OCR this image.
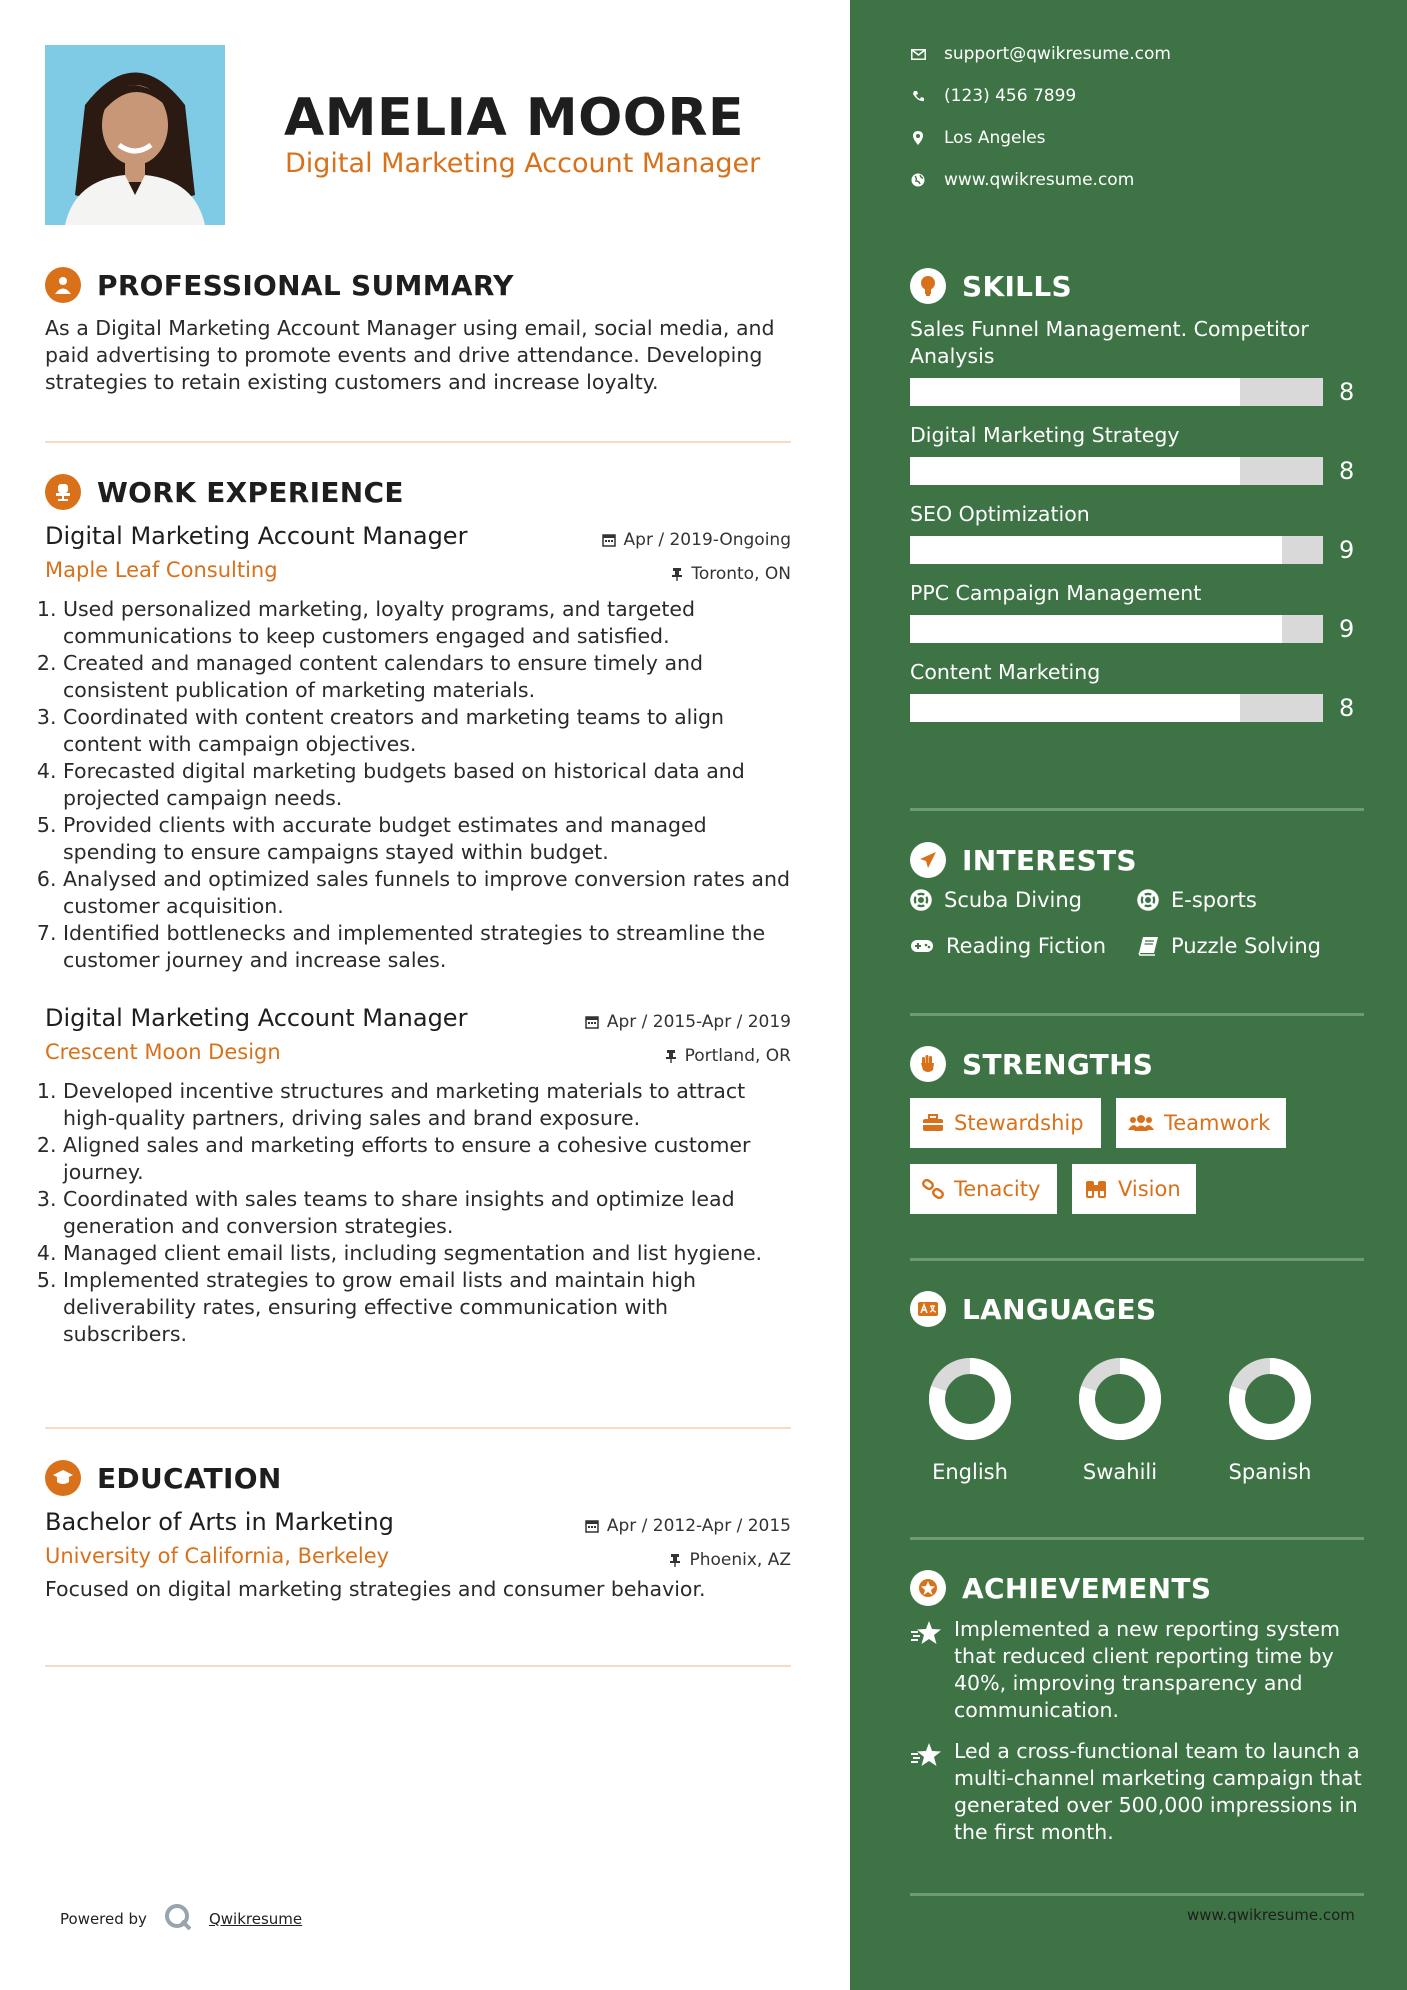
AMELIA MOORE
Digital Marketing Account Manager
PROFESSIONAL SUMMARY
As a Digital Marketing Account Manager using email, social media, and paid advertising to promote events and drive attendance. Developing strategies to retain existing customers and increase loyalty.
WORK EXPERIENCE
Digital Marketing Account Manager
Maple Leaf Consulting
Apr / 2019-Ongoing
Toronto, ON
1. Used personalized marketing, loyalty programs, and targeted communications to keep customers engaged and satisfied.
2. Created and managed content calendars to ensure timely and consistent publication of marketing materials.
3. Coordinated with content creators and marketing teams to align content with campaign objectives.
4. Forecasted digital marketing budgets based on historical data and projected campaign needs.
5. Provided clients with accurate budget estimates and managed spending to ensure campaigns stayed within budget.
6. Analysed and optimized sales funnels to improve conversion rates and customer acquisition.
7. Identified bottlenecks and implemented strategies to streamline the customer journey and increase sales.
Digital Marketing Account Manager
Crescent Moon Design
Apr / 2015-Apr / 2019
Portland, OR
1. Developed incentive structures and marketing materials to attract high-quality partners, driving sales and brand exposure.
2. Aligned sales and marketing efforts to ensure a cohesive customer journey.
3. Coordinated with sales teams to share insights and optimize lead generation and conversion strategies.
4. Managed client email lists, including segmentation and list hygiene.
5. Implemented strategies to grow email lists and maintain high deliverability rates, ensuring effective communication with subscribers.
EDUCATION
Bachelor of Arts in Marketing
University of California, Berkeley
Apr / 2012-Apr / 2015
Phoenix, AZ
Focused on digital marketing strategies and consumer behavior.
Powered by	Qwikresume
support@qwikresume.com
(123) 456 7899
Los Angeles
www.qwikresume.com
SKILLS
Sales Funnel Management. Competitor Analysis
8
Digital Marketing Strategy
8
SEO Optimization
9
PPC Campaign Management
9
Content Marketing
8
INTERESTS
Scuba Diving	E-sports
Reading Fiction	Puzzle Solving
STRENGTHS
Stewardship	Teamwork
Tenacity	Vision
LANGUAGES
English	Swahili	Spanish
ACHIEVEMENTS
Implemented a new reporting system that reduced client reporting time by 40%, improving transparency and communication.
Led a cross-functional team to launch a multi-channel marketing campaign that generated over 500,000 impressions in the first month.
www.qwikresume.com
